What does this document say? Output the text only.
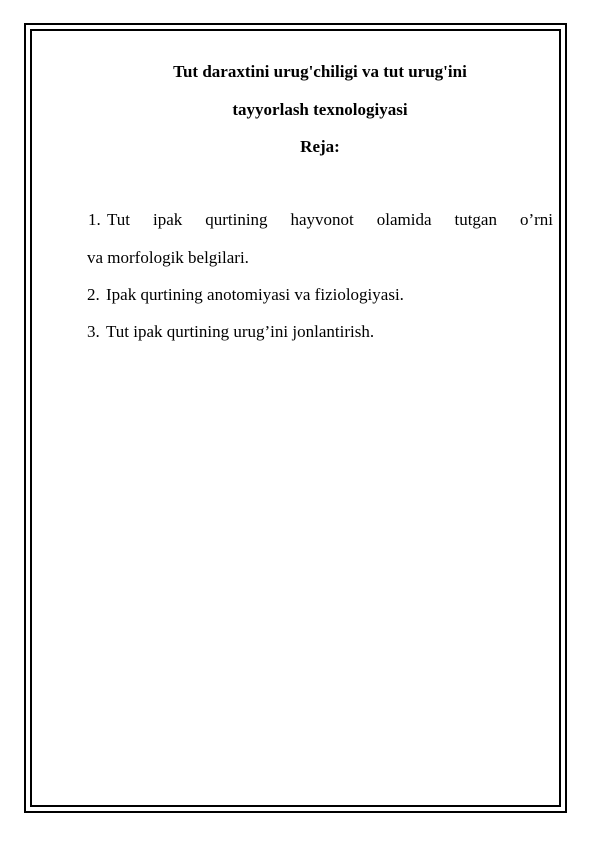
Tut daraxtini urug'chiligi va tut urug'ini
tayyorlash texnologiyasi
Reja:
1. Tut ipak qurtining hayvonot olamida tutgan o’rni
va morfologik belgilari.
2. Ipak qurtining anotomiyasi va fiziologiyasi.
3. Tut ipak qurtining urug’ini jonlantirish.
